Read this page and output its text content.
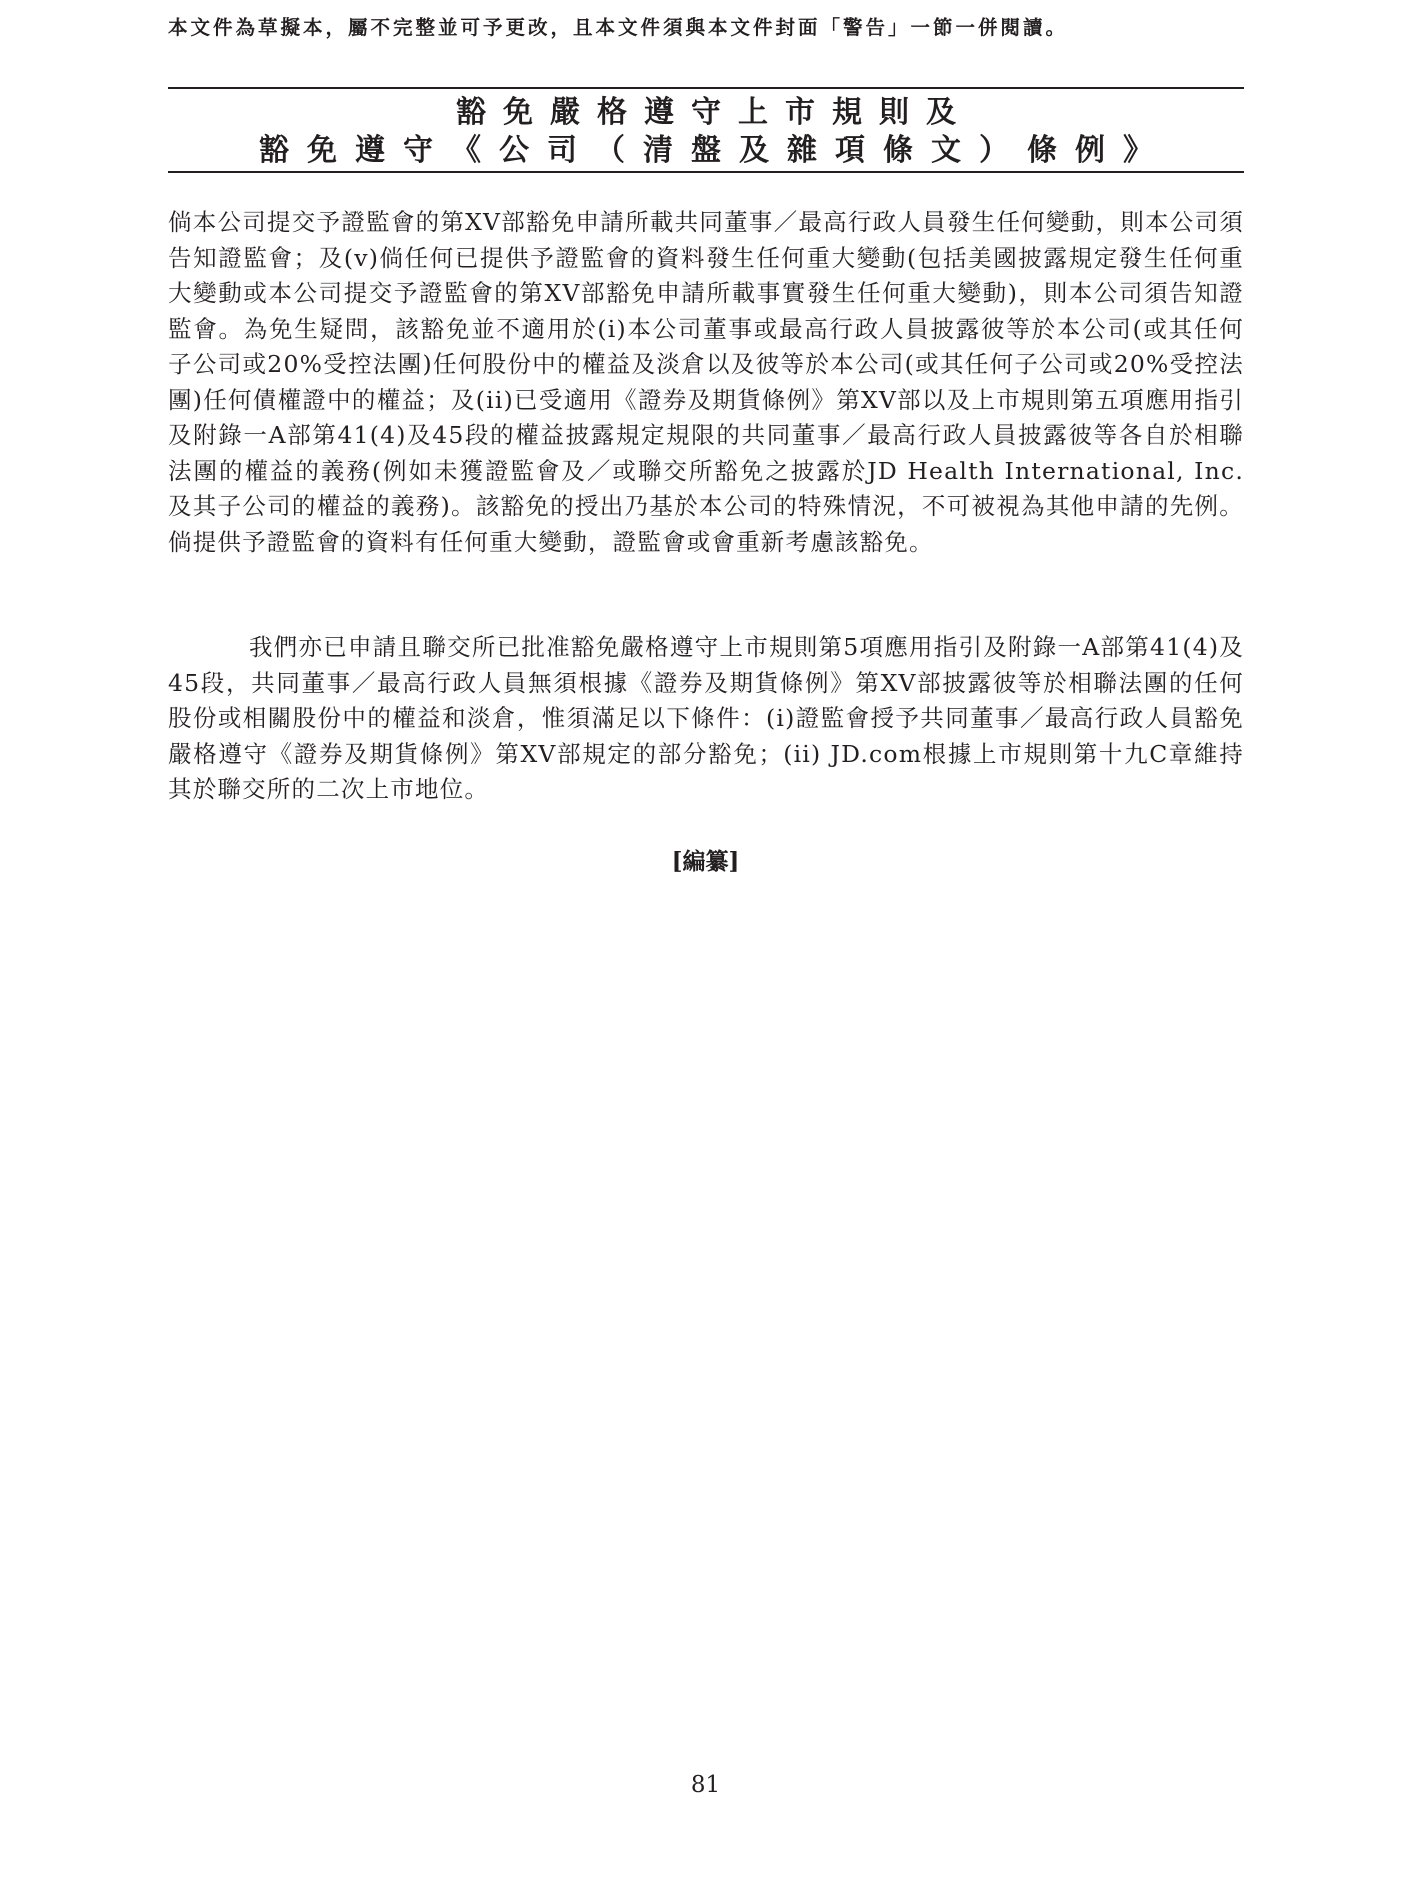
本文件為草擬本，屬不完整並可予更改，且本文件須與本文件封面「警告」一節一併閱讀。
豁免嚴格遵守上市規則及
豁免遵守《公司（清盤及雜項條文）條例》

倘本公司提交予證監會的第XV部豁免申請所載共同董事／最高行政人員發生任何變動，則本公司須告知證監會；及(v)倘任何已提供予證監會的資料發生任何重大變動(包括美國披露規定發生任何重大變動或本公司提交予證監會的第XV部豁免申請所載事實發生任何重大變動)，則本公司須告知證監會。為免生疑問，該豁免並不適用於(i)本公司董事或最高行政人員披露彼等於本公司(或其任何子公司或20%受控法團)任何股份中的權益及淡倉以及彼等於本公司(或其任何子公司或20%受控法團)任何債權證中的權益；及(ii)已受適用《證券及期貨條例》第XV部以及上市規則第五項應用指引及附錄一A部第41(4)及45段的權益披露規定規限的共同董事／最高行政人員披露彼等各自於相聯法團的權益的義務(例如未獲證監會及／或聯交所豁免之披露於JD Health International, Inc.及其子公司的權益的義務)。該豁免的授出乃基於本公司的特殊情況，不可被視為其他申請的先例。倘提供予證監會的資料有任何重大變動，證監會或會重新考慮該豁免。

我們亦已申請且聯交所已批准豁免嚴格遵守上市規則第5項應用指引及附錄一A部第41(4)及45段，共同董事／最高行政人員無須根據《證券及期貨條例》第XV部披露彼等於相聯法團的任何股份或相關股份中的權益和淡倉，惟須滿足以下條件：(i)證監會授予共同董事／最高行政人員豁免嚴格遵守《證券及期貨條例》第XV部規定的部分豁免；(ii) JD.com根據上市規則第十九C章維持其於聯交所的二次上市地位。

[編纂]
81
